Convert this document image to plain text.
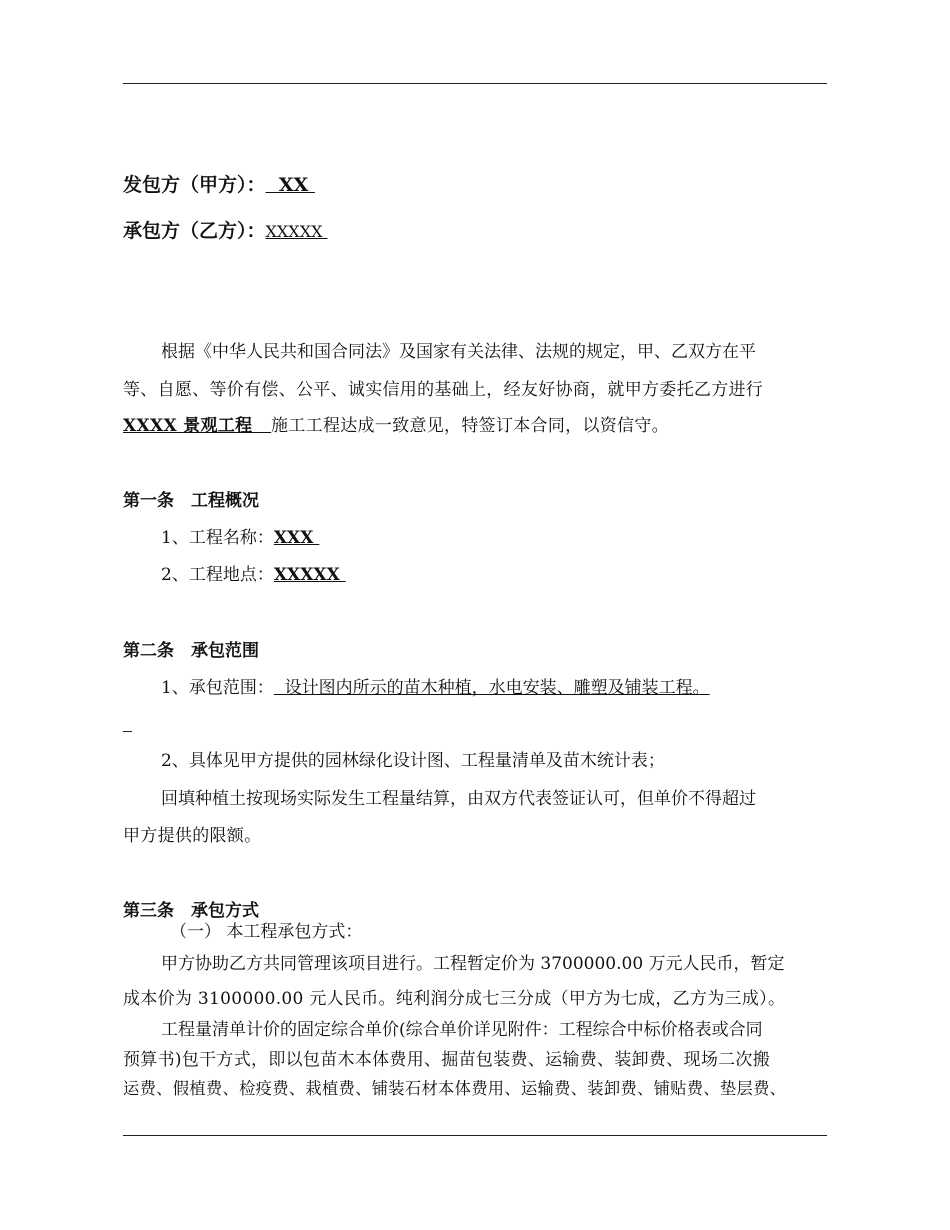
发包方（甲方）：  XX
承包方（乙方）：XXXXX
根据《中华人民共和国合同法》及国家有关法律、法规的规定，甲、乙双方在平
等、自愿、等价有偿、公平、诚实信用的基础上，经友好协商，就甲方委托乙方进行
XXXX 景观工程   施工工程达成一致意见，特签订本合同，以资信守。
第一条　工程概况
1、工程名称：XXX
2、工程地点：XXXXX
第二条　承包范围
1、承包范围：  设计图内所示的苗木种植，水电安装、雕塑及铺装工程。
2、具体见甲方提供的园林绿化设计图、工程量清单及苗木统计表；
回填种植土按现场实际发生工程量结算，由双方代表签证认可，但单价不得超过
甲方提供的限额。
第三条　承包方式
（一） 本工程承包方式：
甲方协助乙方共同管理该项目进行。工程暂定价为 3700000.00 万元人民币，暂定
成本价为 3100000.00 元人民币。纯利润分成七三分成（甲方为七成，乙方为三成）。
工程量清单计价的固定综合单价(综合单价详见附件：工程综合中标价格表或合同
预算书)包干方式，即以包苗木本体费用、掘苗包装费、运输费、装卸费、现场二次搬
运费、假植费、检疫费、栽植费、铺装石材本体费用、运输费、装卸费、铺贴费、垫层费、
